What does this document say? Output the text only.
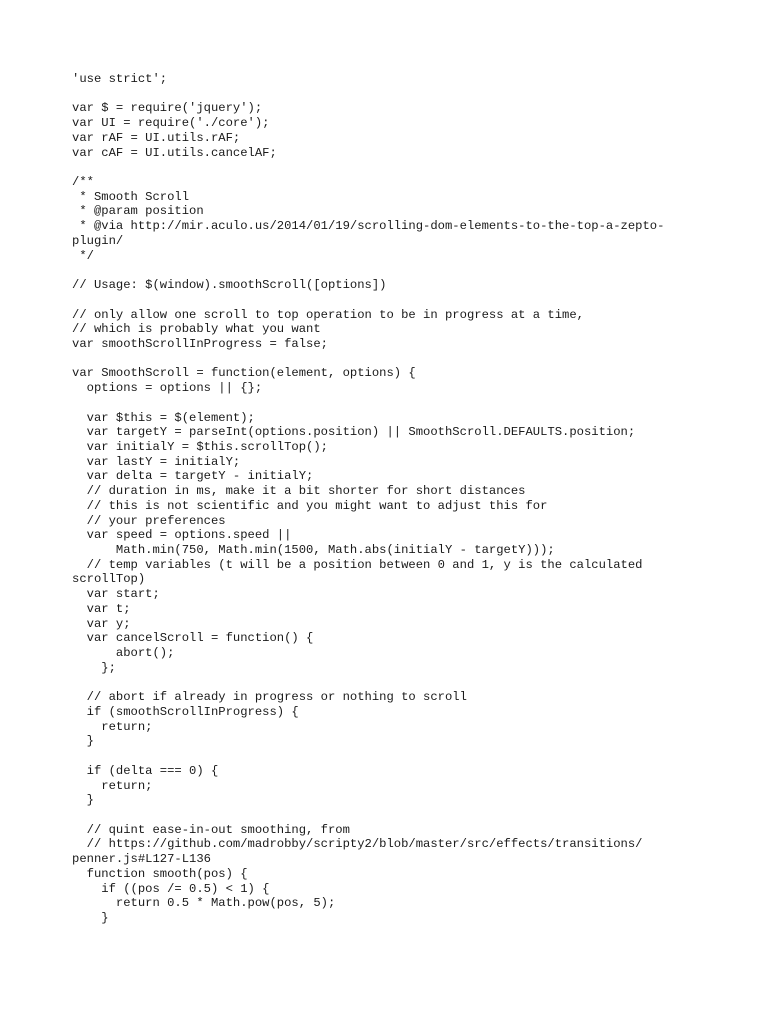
'use strict';
var $ = require('jquery');
var UI = require('./core');
var rAF = UI.utils.rAF;
var cAF = UI.utils.cancelAF;
/**
* Smooth Scroll
* @param position
* @via http://mir.aculo.us/2014/01/19/scrolling-dom-elements-to-the-top-a-zepto-
plugin/
*/
// Usage: $(window).smoothScroll([options])
// only allow one scroll to top operation to be in progress at a time,
// which is probably what you want
var smoothScrollInProgress = false;
var SmoothScroll = function(element, options) {
options = options || {};
var $this = $(element);
var targetY = parseInt(options.position) || SmoothScroll.DEFAULTS.position;
var initialY = $this.scrollTop();
var lastY = initialY;
var delta = targetY - initialY;
// duration in ms, make it a bit shorter for short distances
// this is not scientific and you might want to adjust this for
// your preferences
var speed = options.speed ||
Math.min(750, Math.min(1500, Math.abs(initialY - targetY)));
// temp variables (t will be a position between 0 and 1, y is the calculated
scrollTop)
var start;
var t;
var y;
var cancelScroll = function() {
abort();
};
// abort if already in progress or nothing to scroll
if (smoothScrollInProgress) {
return;
}
if (delta === 0) {
return;
}
// quint ease-in-out smoothing, from
// https://github.com/madrobby/scripty2/blob/master/src/effects/transitions/
penner.js#L127-L136
function smooth(pos) {
if ((pos /= 0.5) < 1) {
return 0.5 * Math.pow(pos, 5);
}
